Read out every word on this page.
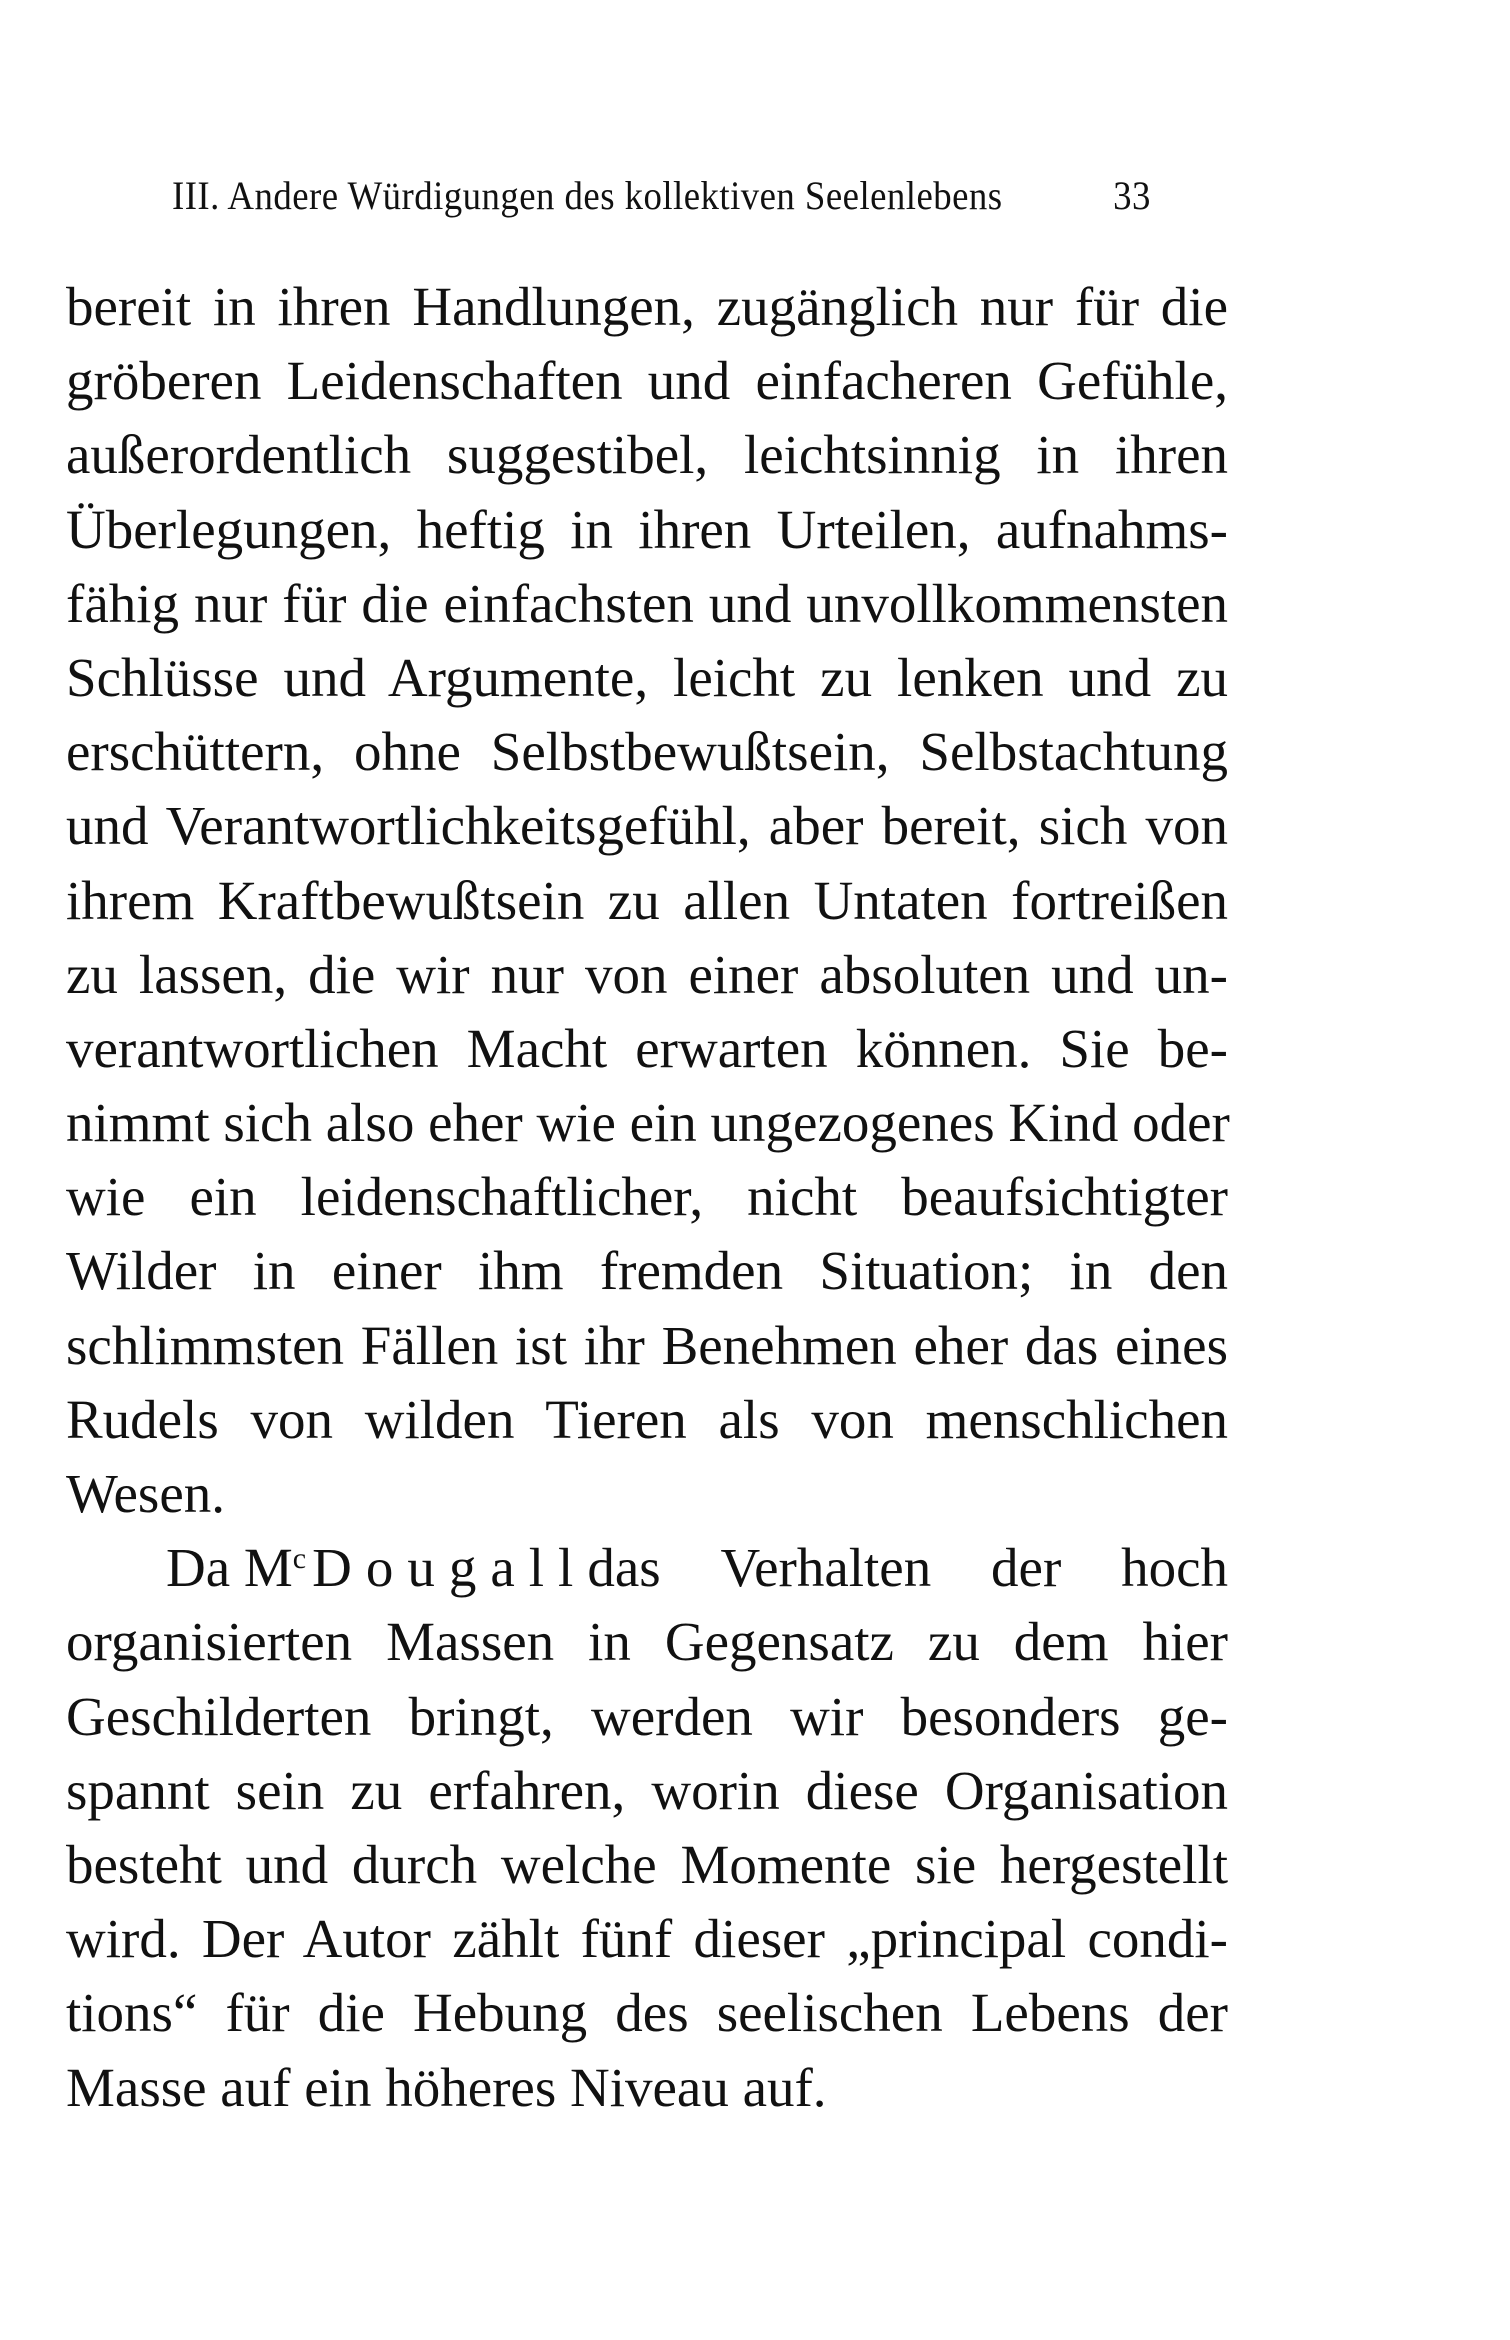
III. Andere Würdigungen des kollektiven Seelenlebens	33
bereit in ihren Handlungen, zugänglich nur für die
gröberen Leidenschaften und einfacheren Gefühle,
außerordentlich suggestibel, leichtsinnig in ihren
Überlegungen, heftig in ihren Urteilen, aufnahms-
fähig nur für die einfachsten und unvollkommensten
Schlüsse und Argumente, leicht zu lenken und zu
erschüttern, ohne Selbstbewußtsein, Selbstachtung
und Verantwortlichkeitsgefühl, aber bereit, sich von
ihrem Kraftbewußtsein zu allen Untaten fortreißen
zu lassen, die wir nur von einer absoluten und un-
verantwortlichen Macht erwarten können. Sie be-
nimmt sich also eher wie ein ungezogenes Kind oder
wie ein leidenschaftlicher, nicht beaufsichtigter
Wilder in einer ihm fremden Situation; in den
schlimmsten Fällen ist ihr Benehmen eher das eines
Rudels von wilden Tieren als von menschlichen
Wesen.
Da $M^c$ Dougall das Verhalten der hoch
organisierten Massen in Gegensatz zu dem hier
Geschilderten bringt, werden wir besonders ge-
spannt sein zu erfahren, worin diese Organisation
besteht und durch welche Momente sie hergestellt
wird. Der Autor zählt fünf dieser „principal condi-
tions“ für die Hebung des seelischen Lebens der
Masse auf ein höheres Niveau auf.
